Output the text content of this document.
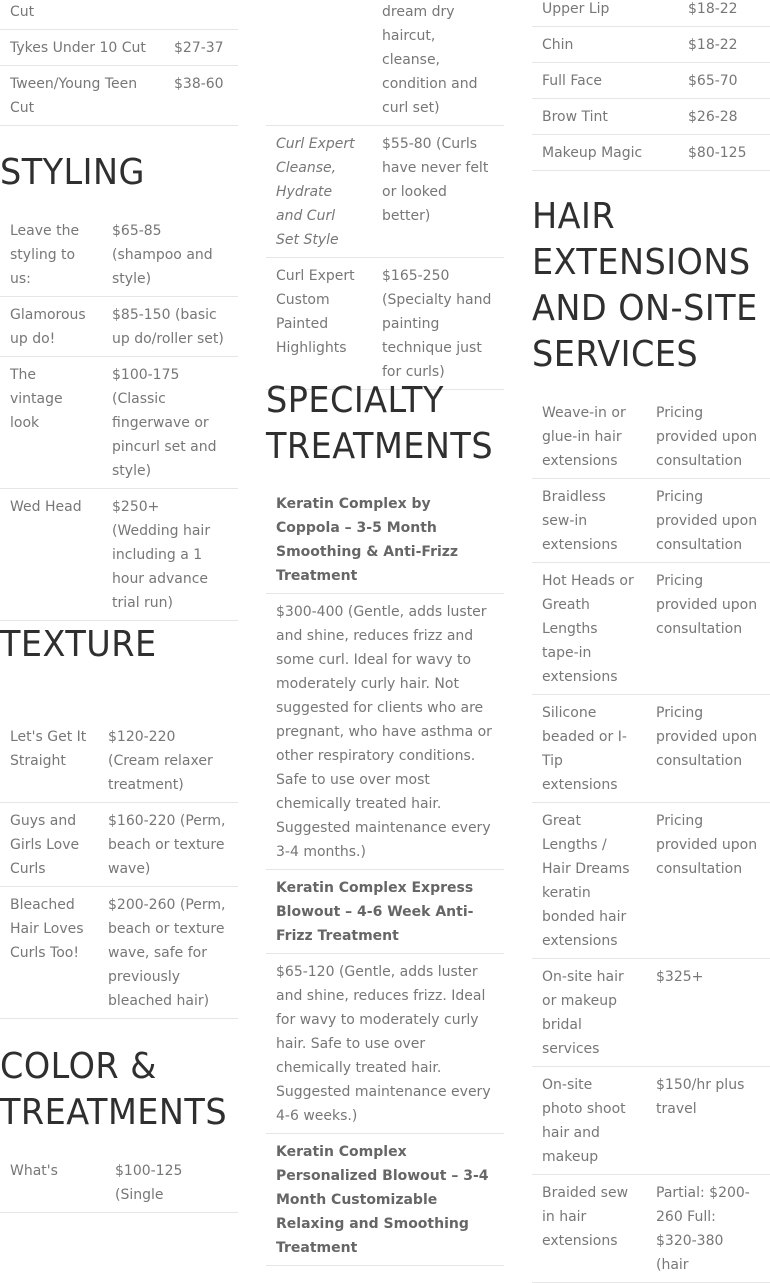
Cut	
Tykes Under 10 Cut	$27-37
Tween/Young Teen Cut	$38-60
STYLING
Leave the styling to us:	$65-85 (shampoo and style)
Glamorous up do!	$85-150 (basic up do/roller set)
The vintage look	$100-175 (Classic fingerwave or pincurl set and style)
Wed Head	$250+ (Wedding hair including a 1 hour advance trial run)
TEXTURE
Let's Get It Straight	$120-220 (Cream relaxer treatment)
Guys and Girls Love Curls	$160-220 (Perm, beach or texture wave)
Bleached Hair Loves Curls Too!	$200-260 (Perm, beach or texture wave, safe for previously bleached hair)
COLOR &
TREATMENTS
What's	$100-125 (Single
	dream dry haircut, cleanse, condition and curl set)
Curl Expert Cleanse, Hydrate and Curl Set Style	$55-80 (Curls have never felt or looked better)
Curl Expert Custom Painted Highlights	$165-250 (Specialty hand painting technique just for curls)
SPECIALTY
TREATMENTS
Keratin Complex by Coppola – 3-5 Month Smoothing & Anti-Frizz Treatment
$300-400 (Gentle, adds luster and shine, reduces frizz and some curl. Ideal for wavy to moderately curly hair. Not suggested for clients who are pregnant, who have asthma or other respiratory conditions. Safe to use over most chemically treated hair. Suggested maintenance every 3-4 months.)
Keratin Complex Express Blowout – 4-6 Week Anti-Frizz Treatment
$65-120 (Gentle, adds luster and shine, reduces frizz. Ideal for wavy to moderately curly hair. Safe to use over chemically treated hair. Suggested maintenance every 4-6 weeks.)
Keratin Complex Personalized Blowout – 3-4 Month Customizable Relaxing and Smoothing Treatment
Upper Lip	$18-22
Chin	$18-22
Full Face	$65-70
Brow Tint	$26-28
Makeup Magic	$80-125
HAIR
EXTENSIONS
AND ON-SITE
SERVICES
Weave-in or glue-in hair extensions	Pricing provided upon consultation
Braidless sew-in extensions	Pricing provided upon consultation
Hot Heads or Greath Lengths tape-in extensions	Pricing provided upon consultation
Silicone beaded or I-Tip extensions	Pricing provided upon consultation
Great Lengths / Hair Dreams keratin bonded hair extensions	Pricing provided upon consultation
On-site hair or makeup bridal services	$325+
On-site photo shoot hair and makeup	$150/hr plus travel
Braided sew in hair extensions	Partial: $200-260 Full: $320-380 (hair
